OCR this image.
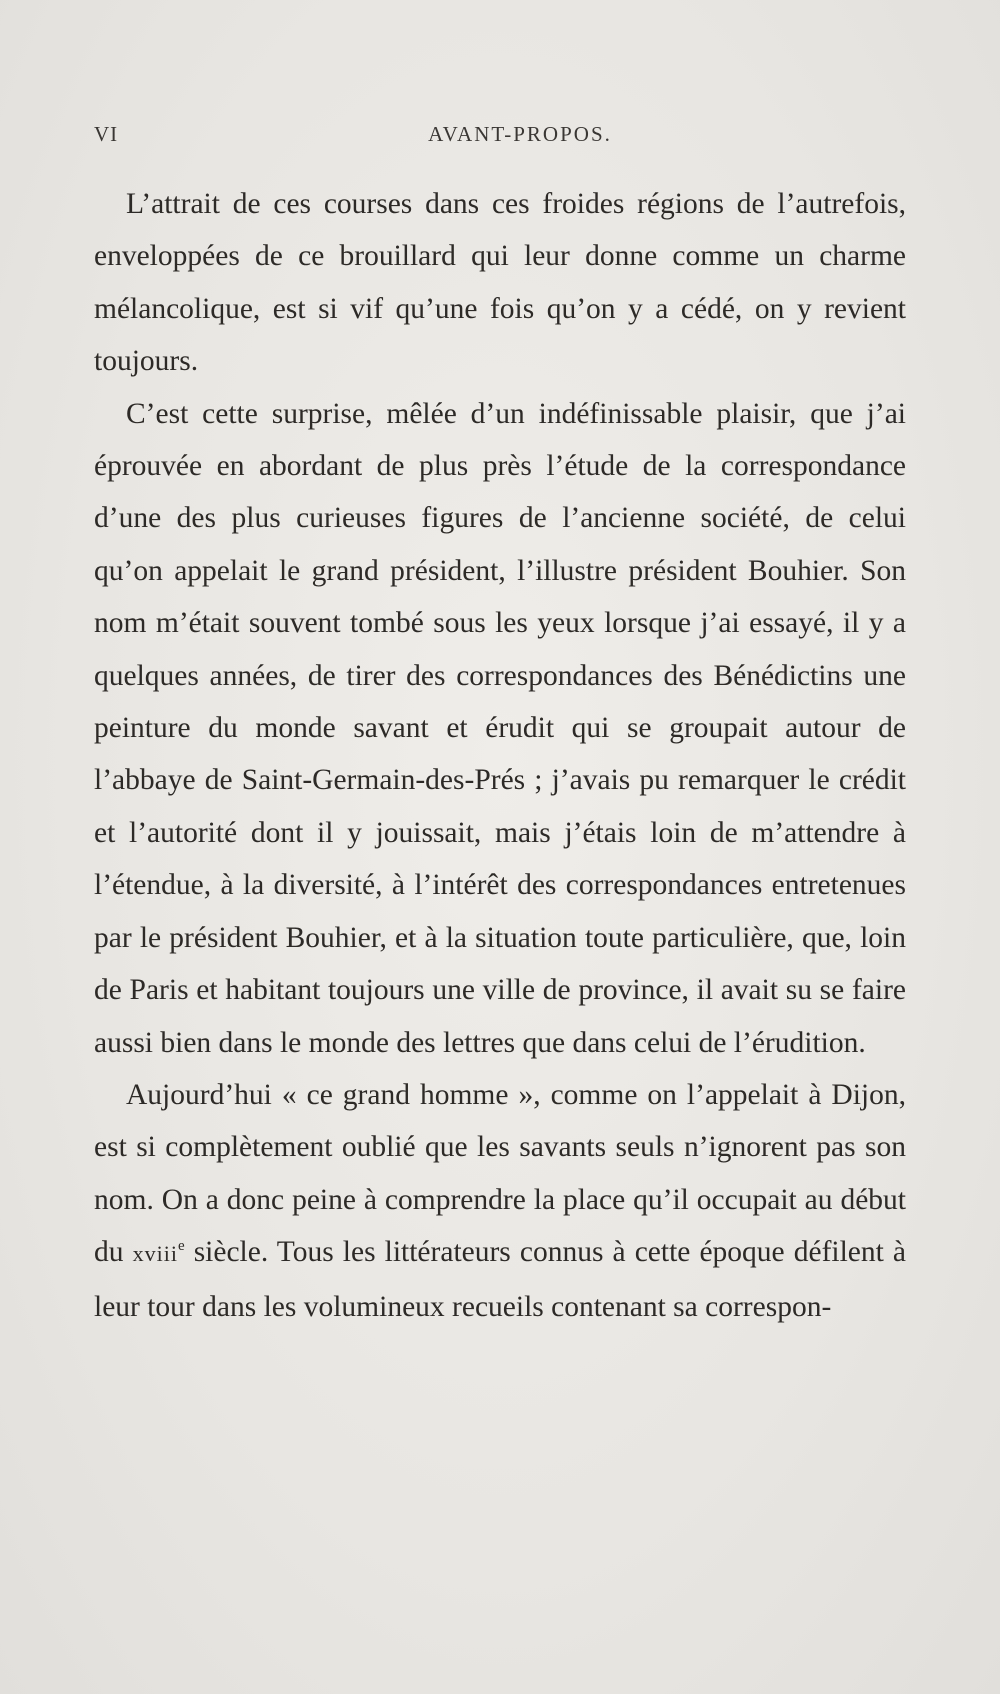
VI	AVANT-PROPOS.

L’attrait de ces courses dans ces froides régions de l’autrefois, enveloppées de ce brouillard qui leur donne comme un charme mélancolique, est si vif qu’une fois qu’on y a cédé, on y revient toujours.

C’est cette surprise, mêlée d’un indéfinissable plaisir, que j’ai éprouvée en abordant de plus près l’étude de la correspondance d’une des plus curieuses figures de l’ancienne société, de celui qu’on appelait le grand président, l’illustre président Bouhier. Son nom m’était souvent tombé sous les yeux lorsque j’ai essayé, il y a quelques années, de tirer des correspondances des Bénédictins une peinture du monde savant et érudit qui se groupait autour de l’abbaye de Saint-Germain-des-Prés ; j’avais pu remarquer le crédit et l’autorité dont il y jouissait, mais j’étais loin de m’attendre à l’étendue, à la diversité, à l’intérêt des correspondances entretenues par le président Bouhier, et à la situation toute particulière, que, loin de Paris et habitant toujours une ville de province, il avait su se faire aussi bien dans le monde des lettres que dans celui de l’érudition.

Aujourd’hui « ce grand homme », comme on l’appelait à Dijon, est si complètement oublié que les savants seuls n’ignorent pas son nom. On a donc peine à comprendre la place qu’il occupait au début du xviii$^e$ siècle. Tous les littérateurs connus à cette époque défilent à leur tour dans les volumineux recueils contenant sa correspon-
